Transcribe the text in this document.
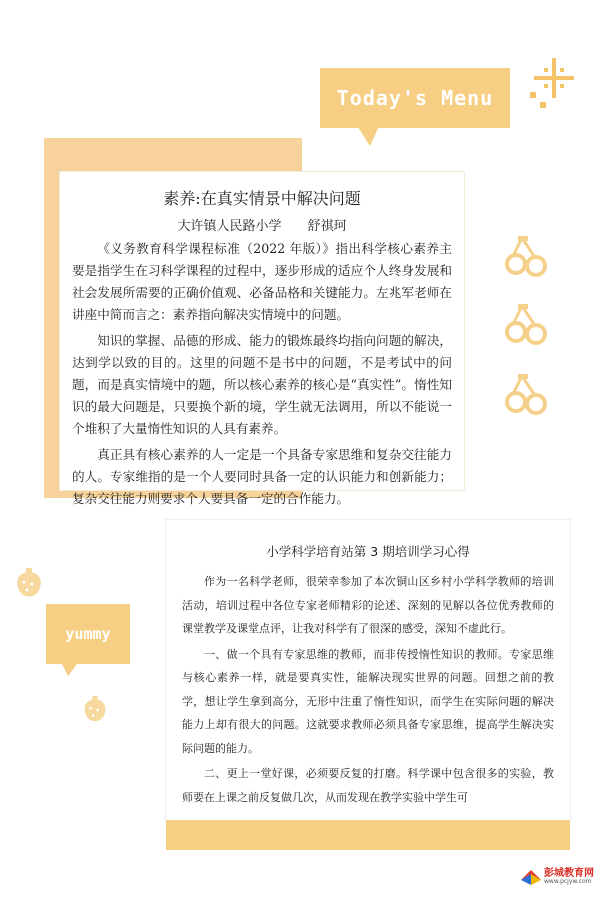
Today's Menu
素养:在真实情景中解决问题
大许镇人民路小学　　舒祺珂

《义务教育科学课程标准（2022 年版）》指出科学核心素养主要是指学生在习科学课程的过程中，逐步形成的适应个人终身发展和社会发展所需要的正确价值观、必备品格和关键能力。左兆军老师在讲座中简而言之：素养指向解决实情境中的问题。

知识的掌握、品德的形成、能力的锻炼最终均指向问题的解决，达到学以致的目的。这里的问题不是书中的问题，不是考试中的问题，而是真实情境中的题，所以核心素养的核心是“真实性”。惰性知识的最大问题是，只要换个新的境，学生就无法调用，所以不能说一个堆积了大量惰性知识的人具有素养。

真正具有核心素养的人一定是一个具备专家思维和复杂交往能力的人。专家维指的是一个人要同时具备一定的认识能力和创新能力；复杂交往能力则要求个人要具备一定的合作能力。

yummy
小学科学培育站第 3 期培训学习心得

作为一名科学老师，很荣幸参加了本次铜山区乡村小学科学教师的培训活动，培训过程中各位专家老师精彩的论述、深刻的见解以各位优秀教师的课堂教学及课堂点评，让我对科学有了很深的感受，深知不虚此行。

一、做一个具有专家思维的教师，而非传授惰性知识的教师。专家思维与核心素养一样，就是要真实性，能解决现实世界的问题。回想之前的教学，想让学生拿到高分，无形中注重了惰性知识，而学生在实际问题的解决能力上却有很大的问题。这就要求教师必须具备专家思维，提高学生解决实际问题的能力。

二、更上一堂好课，必须要反复的打磨。科学课中包含很多的实验，教师要在上课之前反复做几次，从而发现在教学实验中学生可

彭城教育网
www.pcjyw.com
